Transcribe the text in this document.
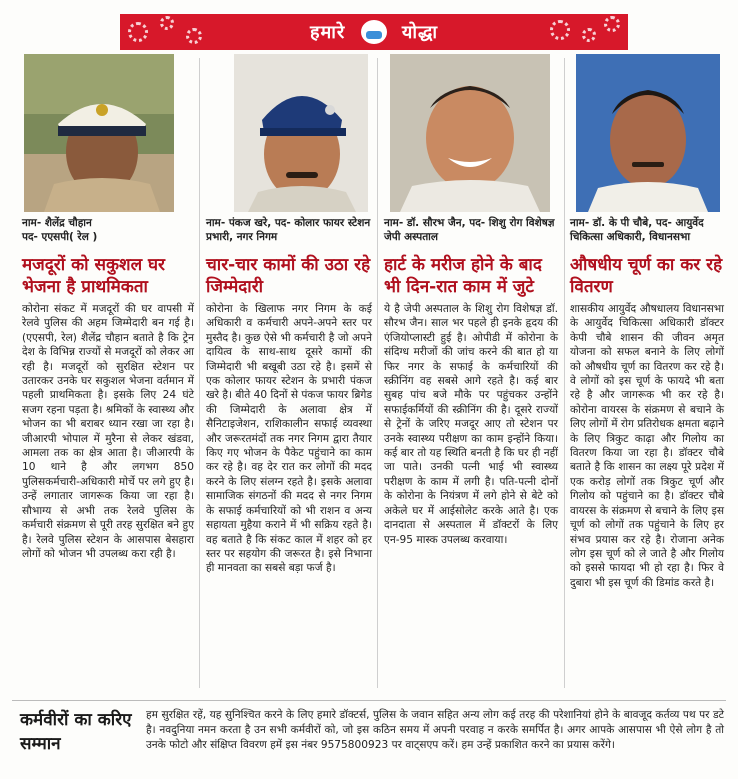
हमारे	योद्धा
नाम- शैलेंद्र चौहान
पद- एएसपी( रेल )
मजदूरों को सकुशल घर भेजना है प्राथमिकता
कोरोना संकट में मजदूरों की घर वापसी में रेलवे पुलिस की अहम जिम्मेदारी बन गई है। (एएसपी, रेल) शैलेंद्र चौहान बताते है कि ट्रेन देश के विभिन्न राज्यों से मजदूरों को लेकर आ रही है। मजदूरों को सुरक्षित स्टेशन पर उतारकर उनके घर सकुशल भेजना वर्तमान में पहली प्राथमिकता है। इसके लिए 24 घंटे सजग रहना पड़ता है। श्रमिकों के स्वास्थ्य और भोजन का भी बराबर ध्यान रखा जा रहा है। जीआरपी भोपाल में मुरैना से लेकर खंडवा, आमला तक का क्षेत्र आता है। जीआरपी के 10 थाने है और लगभग 850 पुलिसकर्मचारी-अधिकारी मोर्चे पर लगे हुए है। उन्हें लगातार जागरूक किया जा रहा है। सौभाग्य से अभी तक रेलवे पुलिस के कर्मचारी संक्रमण से पूरी तरह सुरक्षित बने हुए है। रेलवे पुलिस स्टेशन के आसपास बेसहारा लोगों को भोजन भी उपलब्ध करा रही है।
नाम- पंकज खरे, पद- कोलार फायर स्टेशन प्रभारी, नगर निगम
चार-चार कामों की उठा रहे जिम्मेदारी
कोरोना के खिलाफ नगर निगम के कई अधिकारी व कर्मचारी अपने-अपने स्तर पर मुस्तैद है। कुछ ऐसे भी कर्मचारी है जो अपने दायित्व के साथ-साथ दूसरे कामों की जिम्मेदारी भी बखूबी उठा रहे है। इसमें से एक कोलार फायर स्टेशन के प्रभारी पंकज खरे है। बीते 40 दिनों से पंकज फायर ब्रिगेड की जिम्मेदारी के अलावा क्षेत्र में सैनिटाइजेशन, राशिकालीन सफाई व्यवस्था और जरूरतमंदों तक नगर निगम द्वारा तैयार किए गए भोजन के पैकेट पहुंचाने का काम कर रहे है। वह देर रात कर लोगों की मदद करने के लिए संलग्न रहते है। इसके अलावा सामाजिक संगठनों की मदद से नगर निगम के सफाई कर्मचारियों को भी राशन व अन्य सहायता मुहैया कराने में भी सक्रिय रहते है। वह बताते है कि संकट काल में शहर को हर स्तर पर सहयोग की जरूरत है। इसे निभाना ही मानवता का सबसे बड़ा फर्ज है।
नाम- डॉ. सौरभ जैन, पद- शिशु रोग विशेषज्ञ जेपी अस्पताल
हार्ट के मरीज होने के बाद भी दिन-रात काम में जुटे
ये है जेपी अस्पताल के शिशु रोग विशेषज्ञ डॉ. सौरभ जैन। साल भर पहले ही इनके हृदय की एंजियोप्लास्टी हुई है। ओपीडी में कोरोना के संदिग्ध मरीजों की जांच करने की बात हो या फिर नगर के सफाई के कर्मचारियों की स्क्रीनिंग वह सबसे आगे रहते है। कई बार सुबह पांच बजे मौके पर पहुंचकर उन्होंने सफाईकर्मियों की स्क्रीनिंग की है। दूसरे राज्यों से ट्रेनों के जरिए मजदूर आए तो स्टेशन पर उनके स्वास्थ्य परीक्षण का काम इन्होंने किया। कई बार तो यह स्थिति बनती है कि घर ही नहीं जा पाते। उनकी पत्नी भाई भी स्वास्थ्य परीक्षण के काम में लगी है। पति-पत्नी दोनों के कोरोना के नियंत्रण में लगे होने से बेटे को अकेले घर में आईसोलेट करके आते है। एक दानदाता से अस्पताल में डॉक्टरों के लिए एन-95 मास्क उपलब्ध करवाया।
नाम- डॉ. के पी चौबे, पद- आयुर्वेद चिकित्सा अधिकारी, विधानसभा
औषधीय चूर्ण का कर रहे वितरण
शासकीय आयुर्वेद औषधालय विधानसभा के आयुर्वेद चिकित्सा अधिकारी डॉक्टर केपी चौबे शासन की जीवन अमृत योजना को सफल बनाने के लिए लोगों को औषधीय चूर्ण का वितरण कर रहे है। वे लोगों को इस चूर्ण के फायदे भी बता रहे है और जागरूक भी कर रहे है। कोरोना वायरस के संक्रमण से बचाने के लिए लोगों में रोग प्रतिरोधक क्षमता बढ़ाने के लिए त्रिकुट काढ़ा और गिलोय का वितरण किया जा रहा है। डॉक्टर चौबे बताते है कि शासन का लक्ष्य पूरे प्रदेश में एक करोड़ लोगों तक त्रिकुट चूर्ण और गिलोय को पहुंचाने का है। डॉक्टर चौबे वायरस के संक्रमण से बचाने के लिए इस चूर्ण को लोगों तक पहुंचाने के लिए हर संभव प्रयास कर रहे है। रोजाना अनेक लोग इस चूर्ण को ले जाते है और गिलोय को इससे फायदा भी हो रहा है। फिर वे दुबारा भी इस चूर्ण की डिमांड करते है।
कर्मवीरों का करिए सम्मान
हम सुरक्षित रहें, यह सुनिश्चित करने के लिए हमारे डॉक्टर्स, पुलिस के जवान सहित अन्य लोग कई तरह की परेशानियां होने के बावजूद कर्तव्य पथ पर डटे है। नवदुनिया नमन करता है उन सभी कर्मवीरों को, जो इस कठिन समय में अपनी परवाह न करके समर्पित है। अगर आपके आसपास भी ऐसे लोग है तो उनके फोटो और संक्षिप्त विवरण हमें इस नंबर 9575800923 पर वाट्सएप करें। हम उन्हें प्रकाशित करने का प्रयास करेंगे।
